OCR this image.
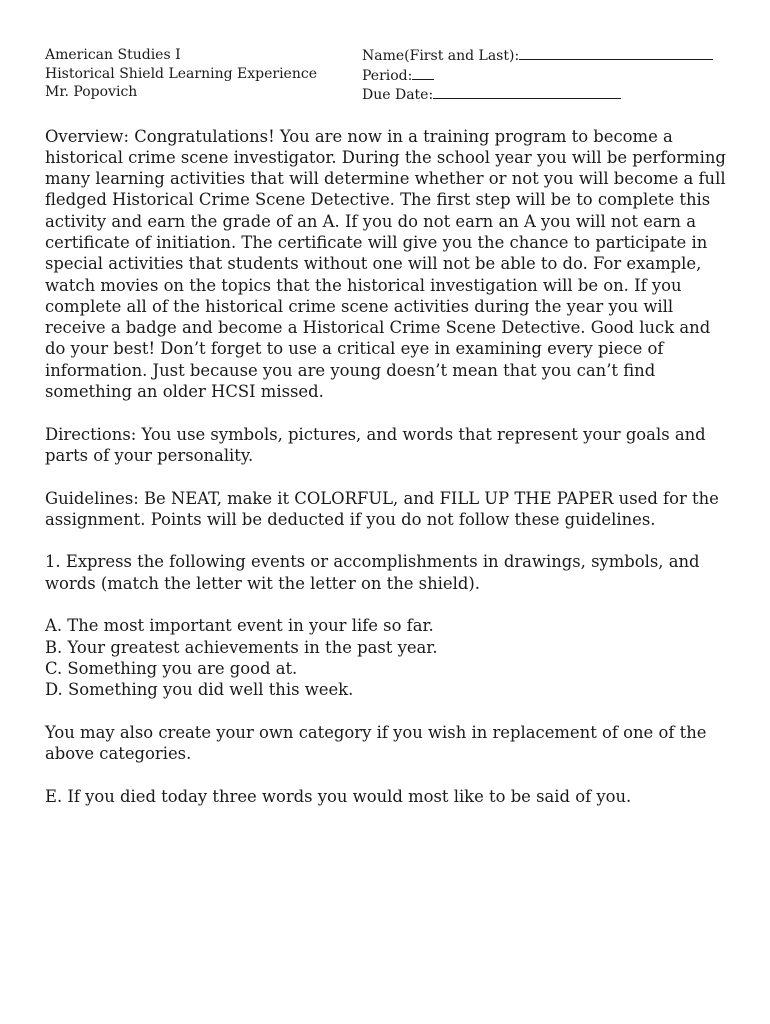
American Studies I
Historical Shield Learning Experience
Mr. Popovich
Name(First and Last):
Period:
Due Date:

Overview: Congratulations! You are now in a training program to become a historical crime scene investigator. During the school year you will be performing many learning activities that will determine whether or not you will become a full fledged Historical Crime Scene Detective. The first step will be to complete this activity and earn the grade of an A. If you do not earn an A you will not earn a certificate of initiation. The certificate will give you the chance to participate in special activities that students without one will not be able to do. For example, watch movies on the topics that the historical investigation will be on. If you complete all of the historical crime scene activities during the year you will receive a badge and become a Historical Crime Scene Detective. Good luck and do your best! Don’t forget to use a critical eye in examining every piece of information. Just because you are young doesn’t mean that you can’t find something an older HCSI missed.

Directions: You use symbols, pictures, and words that represent your goals and parts of your personality.

Guidelines: Be NEAT, make it COLORFUL, and FILL UP THE PAPER used for the assignment. Points will be deducted if you do not follow these guidelines.

1. Express the following events or accomplishments in drawings, symbols, and words (match the letter wit the letter on the shield).

A. The most important event in your life so far.
B. Your greatest achievements in the past year.
C. Something you are good at.
D. Something you did well this week.

You may also create your own category if you wish in replacement of one of the above categories.

E. If you died today three words you would most like to be said of you.
